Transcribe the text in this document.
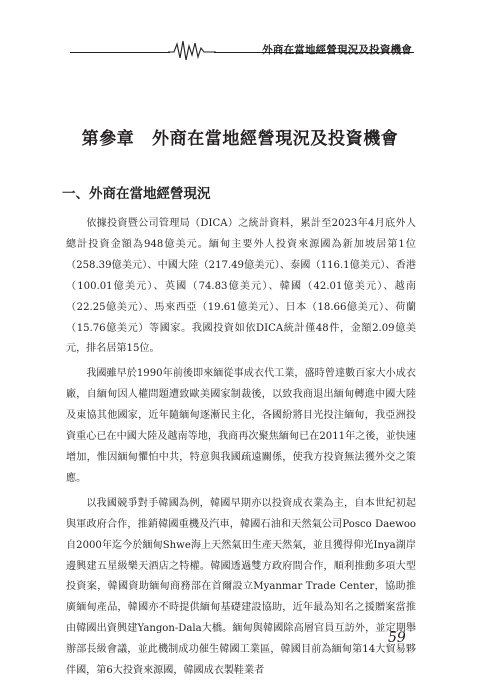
外商在當地經營現況及投資機會
第參章　外商在當地經營現況及投資機會
一、外商在當地經營現況

依據投資暨公司管理局（DICA）之統計資料，累計至2023年4月底外人總計投資金額為948億美元。緬甸主要外人投資來源國為新加坡居第1位（258.39億美元）、中國大陸（217.49億美元）、泰國（116.1億美元）、香港（100.01億美元）、英國（74.83億美元）、韓國（42.01億美元）、越南（22.25億美元）、馬來西亞（19.61億美元）、日本（18.66億美元）、荷蘭（15.76億美元）等國家。我國投資如依DICA統計僅48件，金額2.09億美元，排名居第15位。

我國雖早於1990年前後即來緬從事成衣代工業，盛時曾達數百家大小成衣廠，自緬甸因人權問題遭致歐美國家制裁後，以致我商退出緬甸轉進中國大陸及東協其他國家，近年隨緬甸逐漸民主化，各國紛將目光投注緬甸，我亞洲投資重心已在中國大陸及越南等地，我商再次聚焦緬甸已在2011年之後，並快速增加，惟因緬甸懼怕中共，特意與我國疏遠關係，使我方投資無法獲外交之策應。

以我國競爭對手韓國為例，韓國早期亦以投資成衣業為主，自本世紀初起與軍政府合作，推銷韓國重機及汽車，韓國石油和天然氣公司Posco Daewoo自2000年迄今於緬甸Shwe海上天然氣田生產天然氣，並且獲得仰光Inya湖岸邊興建五星級樂天酒店之特權。韓國透過雙方政府間合作，順利推動多項大型投資案，韓國資助緬甸商務部在首爾設立Myanmar Trade Center，協助推廣緬甸產品，韓國亦不時提供緬甸基礎建設協助，近年最為知名之援贈案當推由韓國出資興建Yangon-Dala大橋。緬甸與韓國除高層官員互訪外，並定期舉辦部長級會議，並此機制成功催生韓國工業區，韓國目前為緬甸第14大貿易夥伴國，第6大投資來源國，韓國成衣製鞋業者

59
